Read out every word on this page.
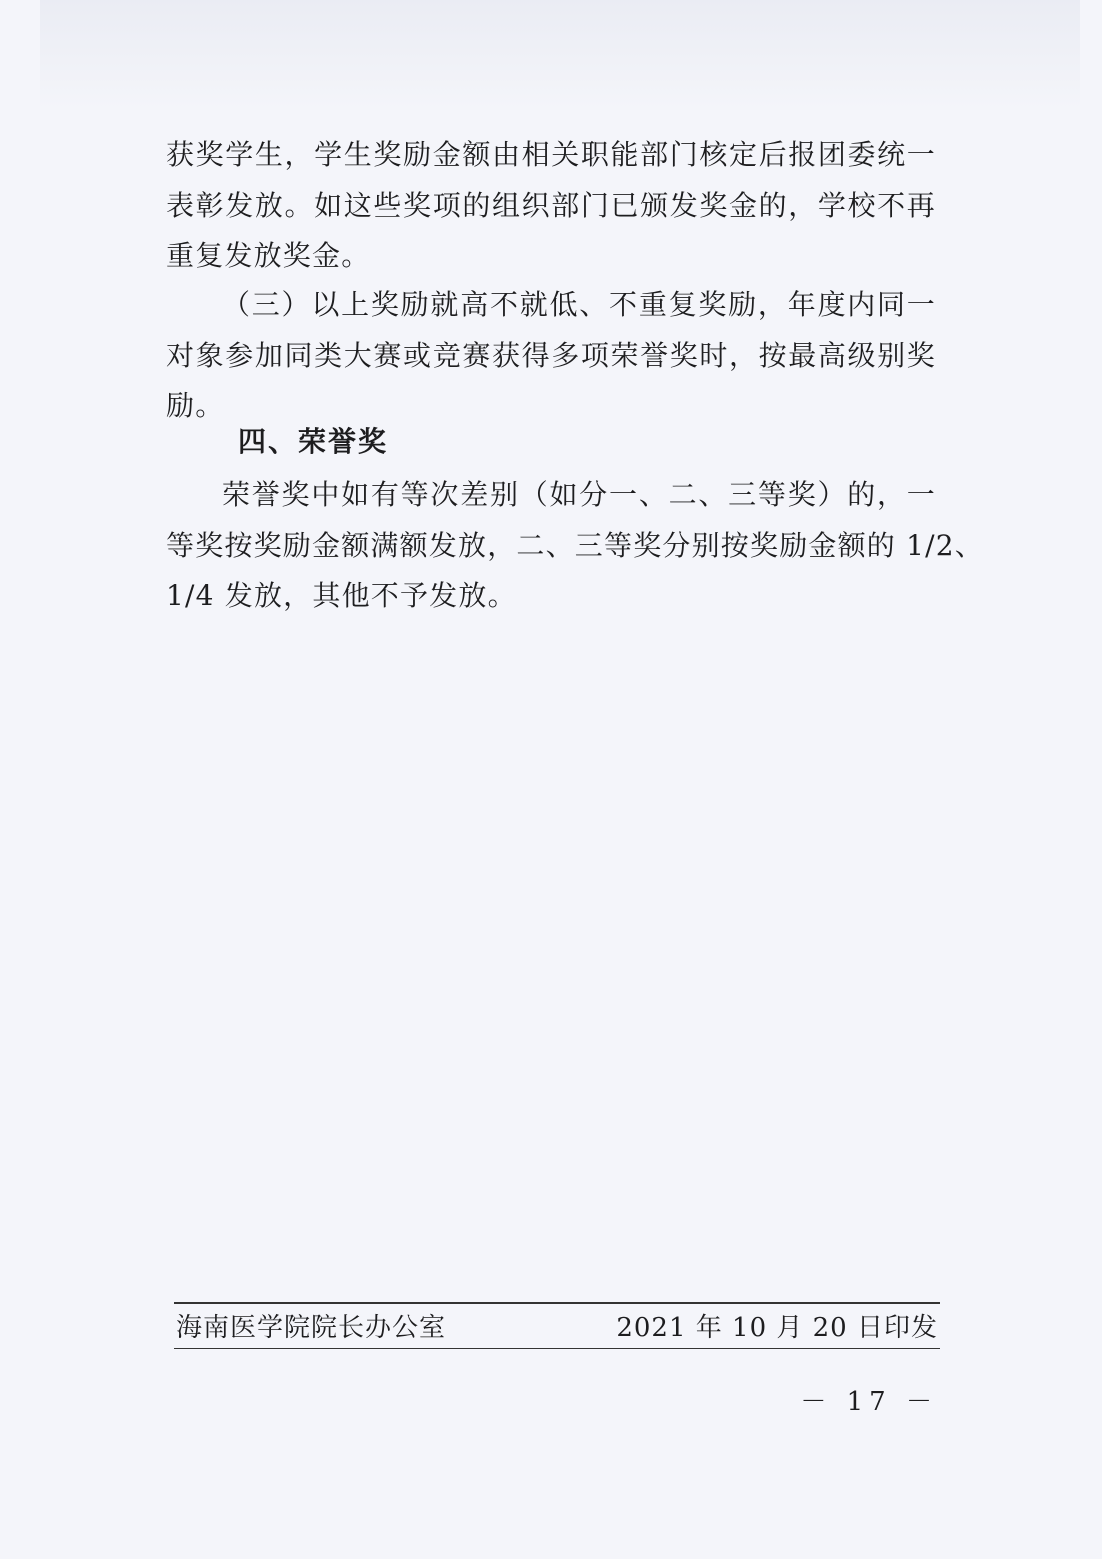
获奖学生，学生奖励金额由相关职能部门核定后报团委统一
表彰发放。如这些奖项的组织部门已颁发奖金的，学校不再
重复发放奖金。
（三）以上奖励就高不就低、不重复奖励，年度内同一
对象参加同类大赛或竞赛获得多项荣誉奖时，按最高级别奖
励。
四、荣誉奖
荣誉奖中如有等次差别（如分一、二、三等奖）的，一
等奖按奖励金额满额发放，二、三等奖分别按奖励金额的 1/2、
1/4 发放，其他不予发放。
海南医学院院长办公室	2021 年 10 月 20 日印发
－ 17 －
